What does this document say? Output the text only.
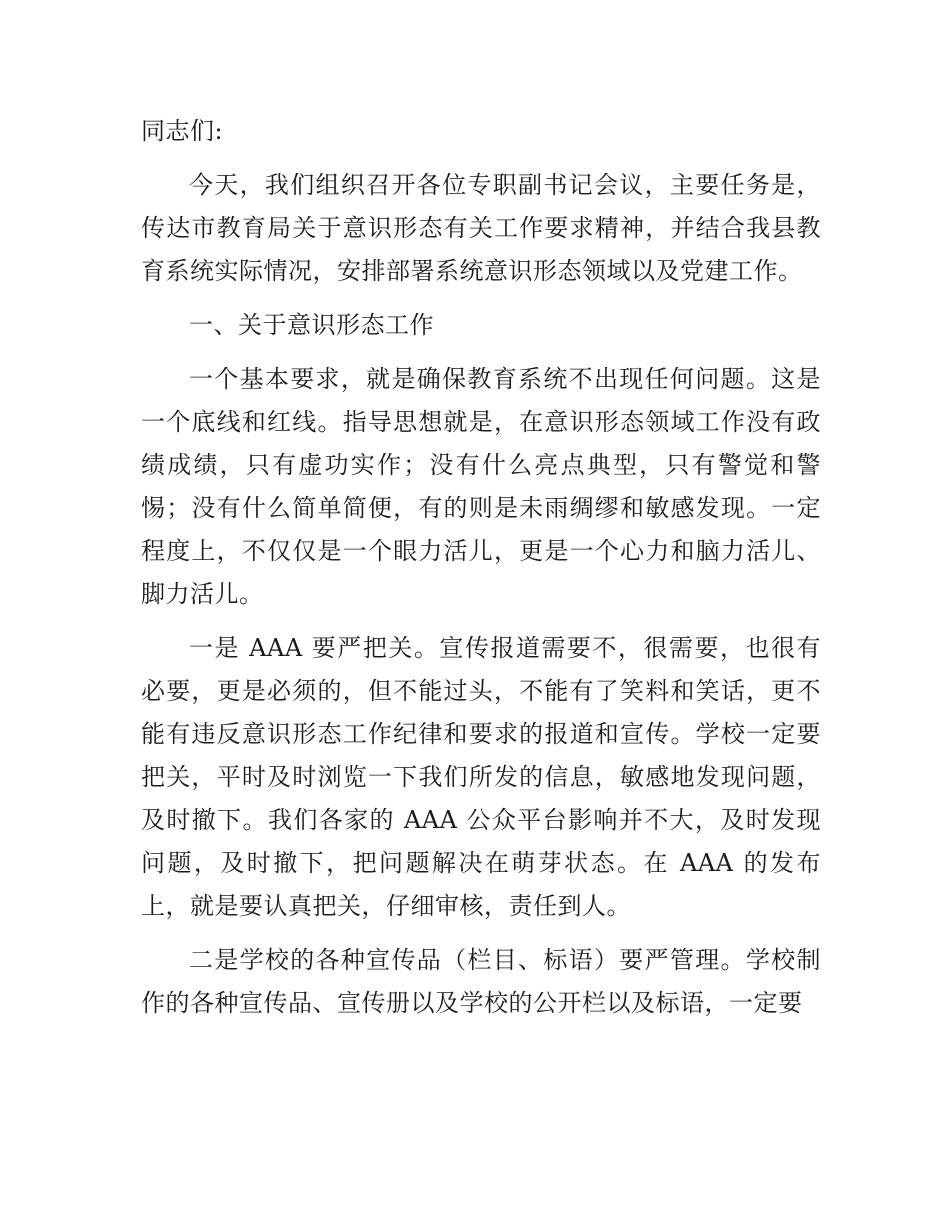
同志们:

今天，我们组织召开各位专职副书记会议，主要任务是，传达市教育局关于意识形态有关工作要求精神，并结合我县教育系统实际情况，安排部署系统意识形态领域以及党建工作。

一、关于意识形态工作

一个基本要求，就是确保教育系统不出现任何问题。这是一个底线和红线。指导思想就是，在意识形态领域工作没有政绩成绩，只有虚功实作；没有什么亮点典型，只有警觉和警惕；没有什么简单简便，有的则是未雨绸缪和敏感发现。一定程度上，不仅仅是一个眼力活儿，更是一个心力和脑力活儿、脚力活儿。

一是 AAA 要严把关。宣传报道需要不，很需要，也很有必要，更是必须的，但不能过头，不能有了笑料和笑话，更不能有违反意识形态工作纪律和要求的报道和宣传。学校一定要把关，平时及时浏览一下我们所发的信息，敏感地发现问题，及时撤下。我们各家的 AAA 公众平台影响并不大，及时发现问题，及时撤下，把问题解决在萌芽状态。在 AAA 的发布上，就是要认真把关，仔细审核，责任到人。

二是学校的各种宣传品（栏目、标语）要严管理。学校制作的各种宣传品、宣传册以及学校的公开栏以及标语，一定要
